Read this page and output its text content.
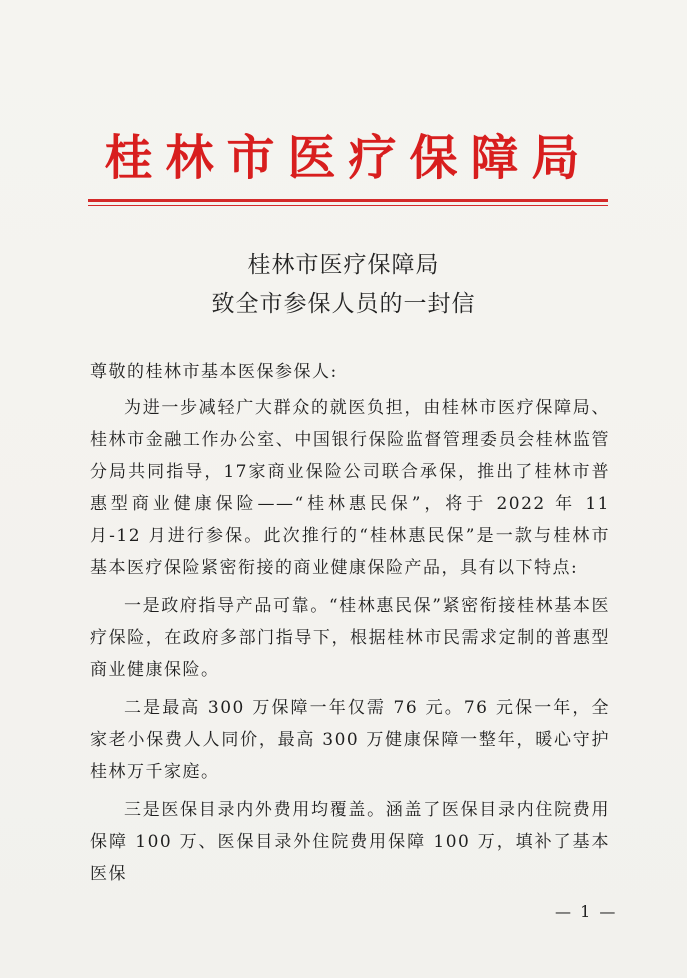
桂林市医疗保障局
桂林市医疗保障局
致全市参保人员的一封信

尊敬的桂林市基本医保参保人:

为进一步减轻广大群众的就医负担，由桂林市医疗保障局、桂林市金融工作办公室、中国银行保险监督管理委员会桂林监管分局共同指导，17家商业保险公司联合承保，推出了桂林市普惠型商业健康保险——“桂林惠民保”，将于 2022 年 11 月-12 月进行参保。此次推行的“桂林惠民保”是一款与桂林市基本医疗保险紧密衔接的商业健康保险产品，具有以下特点:

一是政府指导产品可靠。“桂林惠民保”紧密衔接桂林基本医疗保险，在政府多部门指导下，根据桂林市民需求定制的普惠型商业健康保险。

二是最高 300 万保障一年仅需 76 元。76 元保一年，全家老小保费人人同价，最高 300 万健康保障一整年，暖心守护桂林万千家庭。

三是医保目录内外费用均覆盖。涵盖了医保目录内住院费用保障 100 万、医保目录外住院费用保障 100 万，填补了基本医保

— 1 —
